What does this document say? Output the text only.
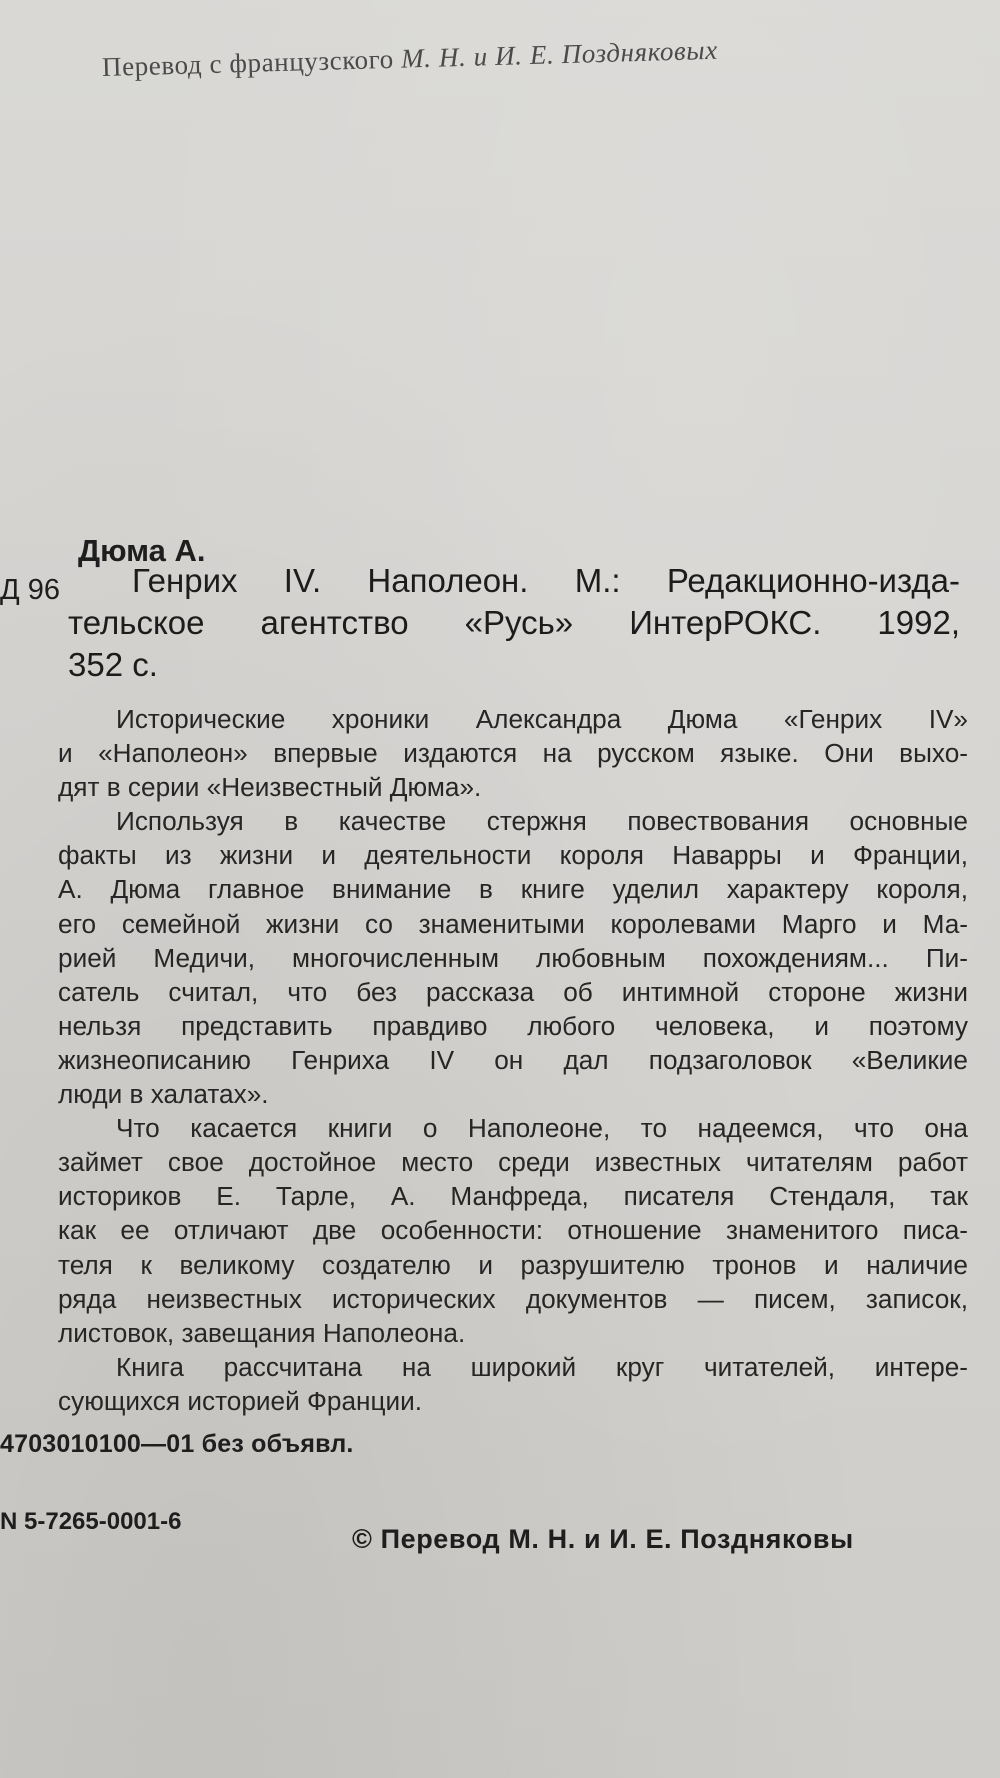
Перевод с французского М. Н. и И. Е. Поздняковых
Дюма А.
Д 96	Генрих IV. Наполеон. М.: Редакционно-изда-
тельское агентство «Русь» ИнтерРОКС. 1992,
352 с.
Исторические хроники Александра Дюма «Генрих IV»
и «Наполеон» впервые издаются на русском языке. Они выхо-
дят в серии «Неизвестный Дюма».
Используя в качестве стержня повествования основные
факты из жизни и деятельности короля Наварры и Франции,
А. Дюма главное внимание в книге уделил характеру короля,
его семейной жизни со знаменитыми королевами Марго и Ма-
рией Медичи, многочисленным любовным похождениям... Пи-
сатель считал, что без рассказа об интимной стороне жизни
нельзя представить правдиво любого человека, и поэтому
жизнеописанию Генриха IV он дал подзаголовок «Великие
люди в халатах».
Что касается книги о Наполеоне, то надеемся, что она
займет свое достойное место среди известных читателям работ
историков Е. Тарле, А. Манфреда, писателя Стендаля, так
как ее отличают две особенности: отношение знаменитого писа-
теля к великому создателю и разрушителю тронов и наличие
ряда неизвестных исторических документов — писем, записок,
листовок, завещания Наполеона.
Книга рассчитана на широкий круг читателей, интере-
сующихся историей Франции.
4703010100—01 без объявл.
N 5-7265-0001-6
© Перевод М. Н. и И. Е. Поздняковы
